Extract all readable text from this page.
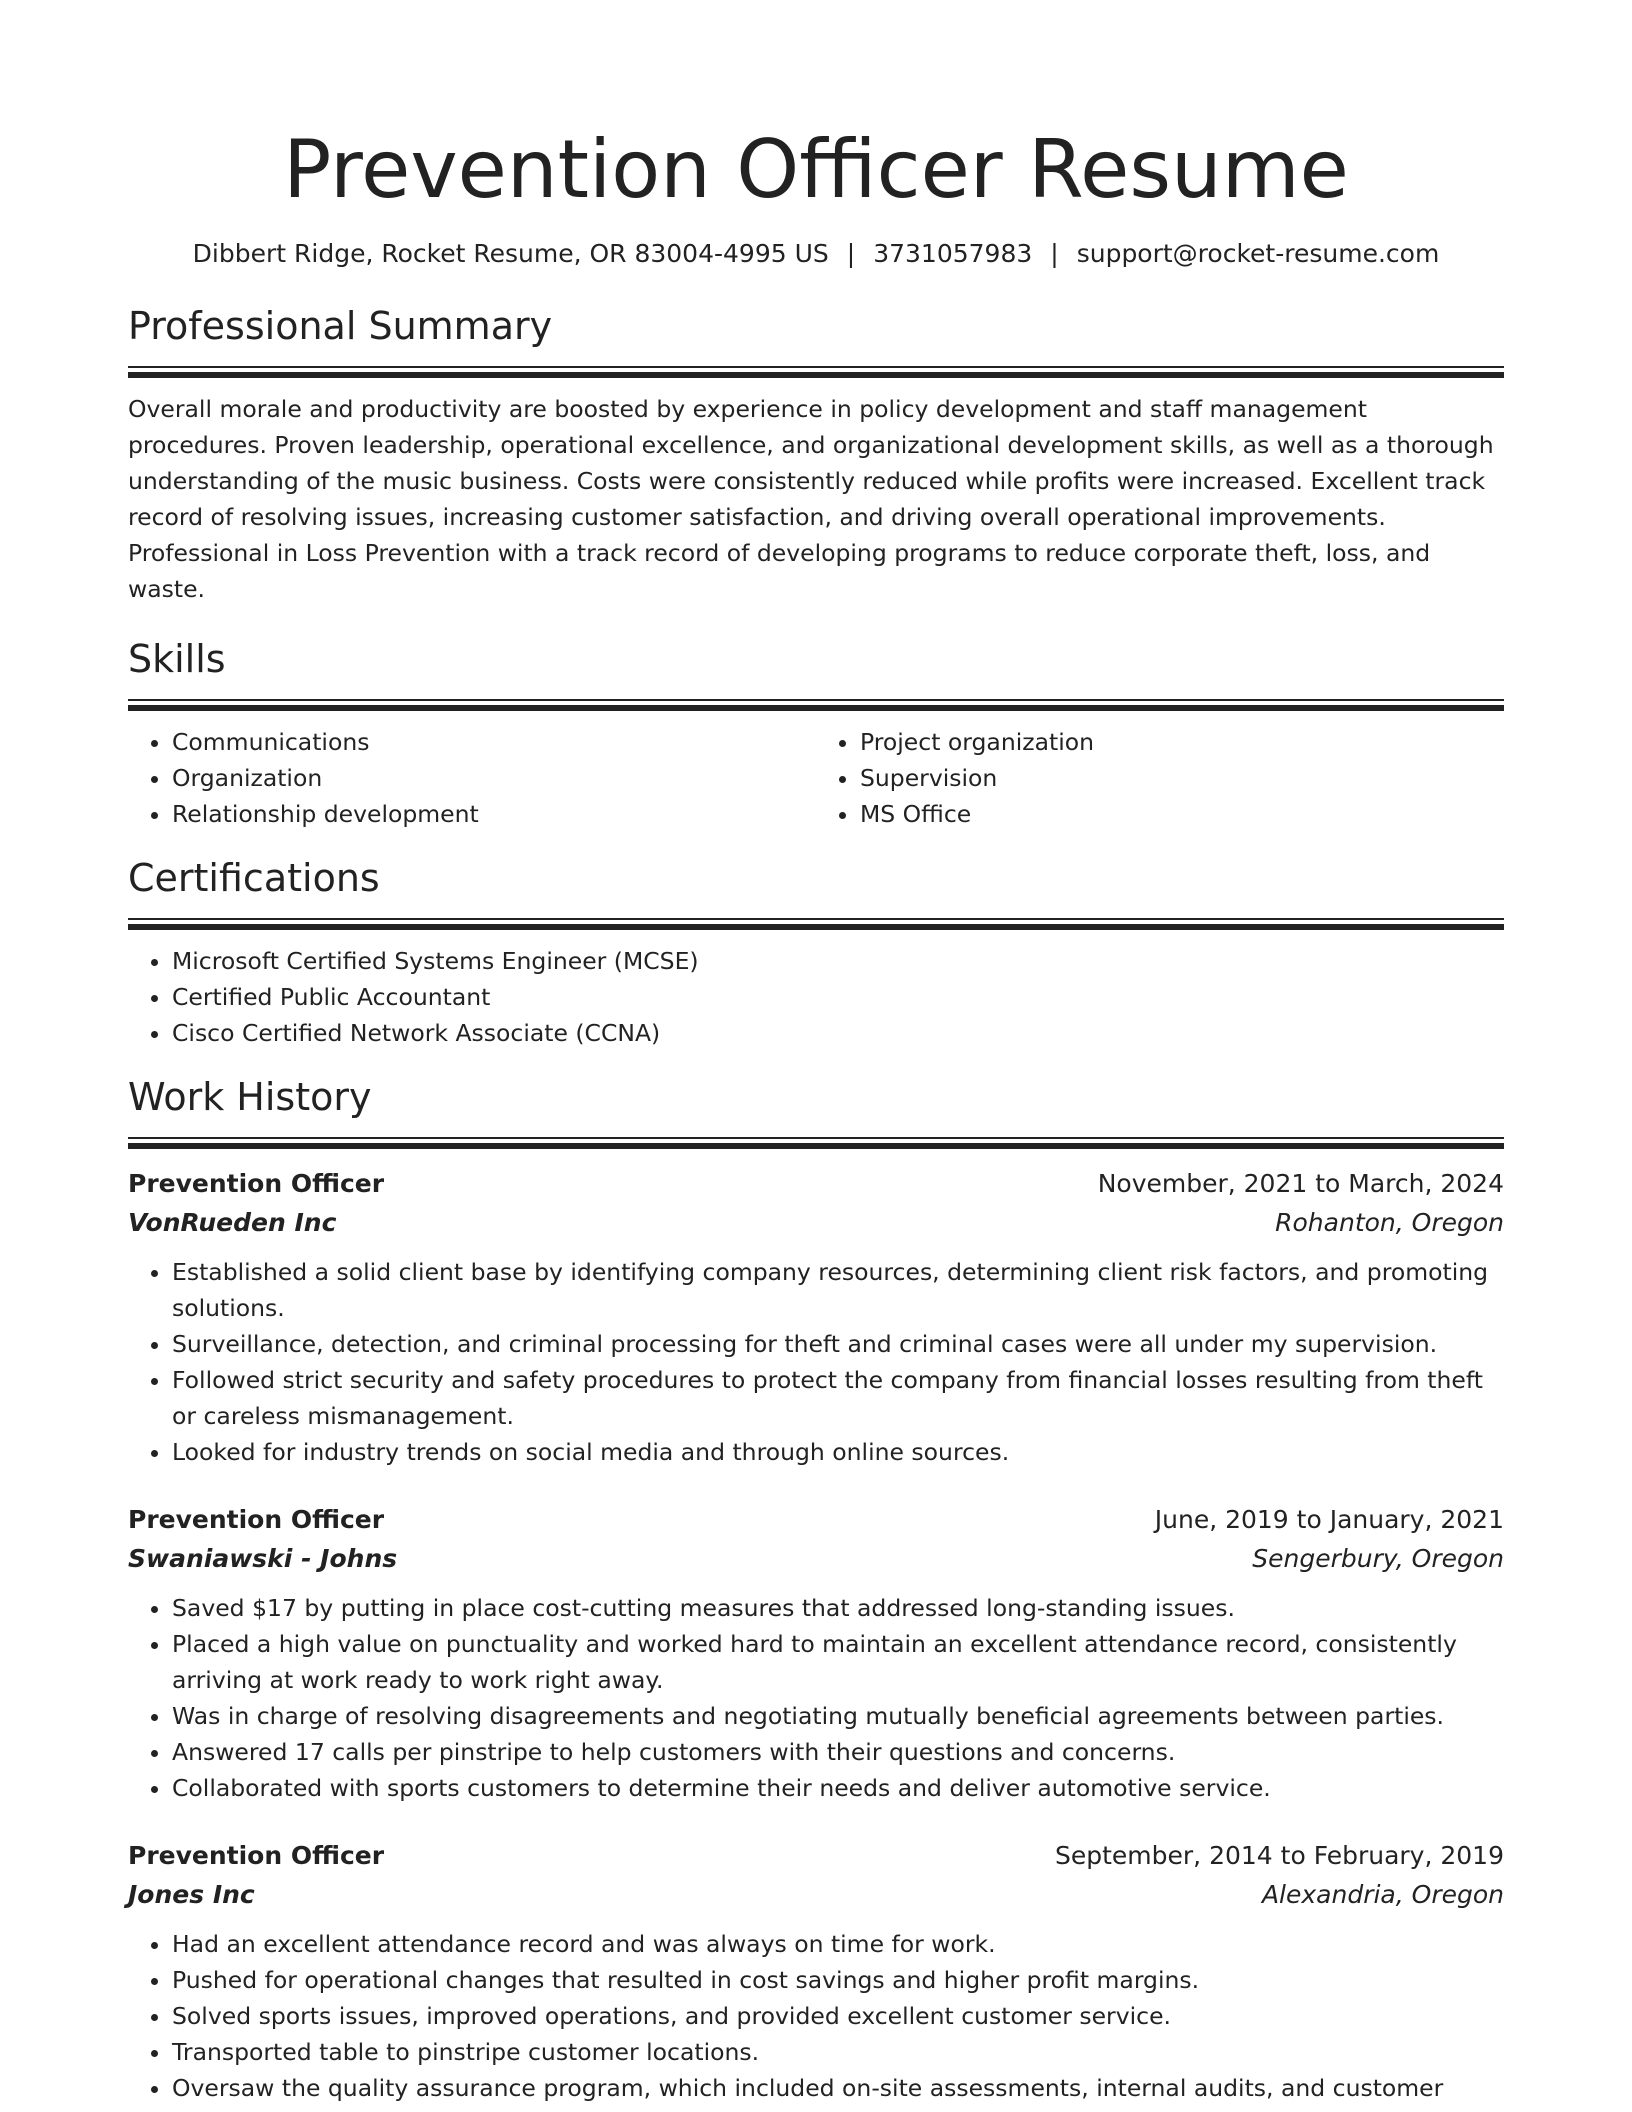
Prevention Officer Resume
Dibbert Ridge, Rocket Resume, OR 83004-4995 US | 3731057983 | support@rocket-resume.com
Professional Summary

Overall morale and productivity are boosted by experience in policy development and staff management procedures. Proven leadership, operational excellence, and organizational development skills, as well as a thorough understanding of the music business. Costs were consistently reduced while profits were increased. Excellent track record of resolving issues, increasing customer satisfaction, and driving overall operational improvements. Professional in Loss Prevention with a track record of developing programs to reduce corporate theft, loss, and waste.

Skills
• Communications
• Organization
• Relationship development
• Project organization
• Supervision
• MS Office
Certifications
• Microsoft Certified Systems Engineer (MCSE)
• Certified Public Accountant
• Cisco Certified Network Associate (CCNA)
Work History
Prevention Officer	November, 2021 to March, 2024
VonRueden Inc	Rohanton, Oregon
• Established a solid client base by identifying company resources, determining client risk factors, and promoting solutions.
• Surveillance, detection, and criminal processing for theft and criminal cases were all under my supervision.
• Followed strict security and safety procedures to protect the company from financial losses resulting from theft or careless mismanagement.
• Looked for industry trends on social media and through online sources.
Prevention Officer	June, 2019 to January, 2021
Swaniawski - Johns	Sengerbury, Oregon
• Saved $17 by putting in place cost-cutting measures that addressed long-standing issues.
• Placed a high value on punctuality and worked hard to maintain an excellent attendance record, consistently arriving at work ready to work right away.
• Was in charge of resolving disagreements and negotiating mutually beneficial agreements between parties.
• Answered 17 calls per pinstripe to help customers with their questions and concerns.
• Collaborated with sports customers to determine their needs and deliver automotive service.
Prevention Officer	September, 2014 to February, 2019
Jones Inc	Alexandria, Oregon
• Had an excellent attendance record and was always on time for work.
• Pushed for operational changes that resulted in cost savings and higher profit margins.
• Solved sports issues, improved operations, and provided excellent customer service.
• Transported table to pinstripe customer locations.
• Oversaw the quality assurance program, which included on-site assessments, internal audits, and customer
